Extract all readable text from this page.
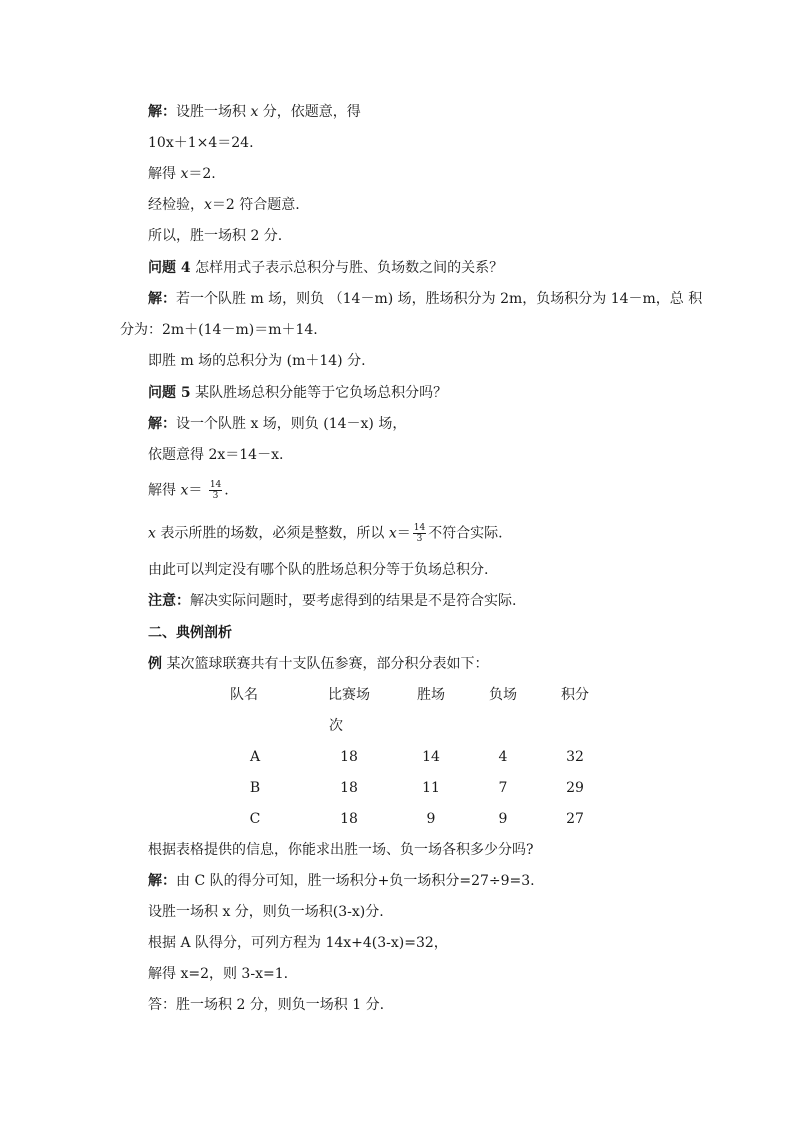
解：设胜一场积 x 分，依题意，得
10x＋1×4＝24.
解得 x＝2.
经检验，x＝2 符合题意.
所以，胜一场积 2 分.
问题 4 怎样用式子表示总积分与胜、负场数之间的关系？
解：若一个队胜 m 场，则负 （14－m) 场，胜场积分为 2m，负场积分为 14－m，总 积
分为：2m＋(14－m)＝m＋14.
即胜 m 场的总积分为 (m＋14) 分.
问题 5 某队胜场总积分能等于它负场总积分吗？
解：设一个队胜 x 场，则负 (14－x) 场，
依题意得 2x＝14－x.
解得 $x= \frac{14}{3}$ .
x 表示所胜的场数，必须是整数，所以 $x= \frac{14}{3}$ 不符合实际.
由此可以判定没有哪个队的胜场总积分等于负场总积分.
注意：解决实际问题时，要考虑得到的结果是不是符合实际.
二、典例剖析
例 某次篮球联赛共有十支队伍参赛，部分积分表如下：
队名	比赛场	胜场	负场	积分
次
A	18	14	4	32
B	18	11	7	29
C	18	9	9	27
根据表格提供的信息，你能求出胜一场、负一场各积多少分吗?
解：由 C 队的得分可知，胜一场积分+负一场积分=27÷9=3.
设胜一场积 x 分，则负一场积(3-x)分.
根据 A 队得分，可列方程为 14x+4(3-x)=32，
解得 x=2，则 3-x=1.
答：胜一场积 2 分，则负一场积 1 分.
